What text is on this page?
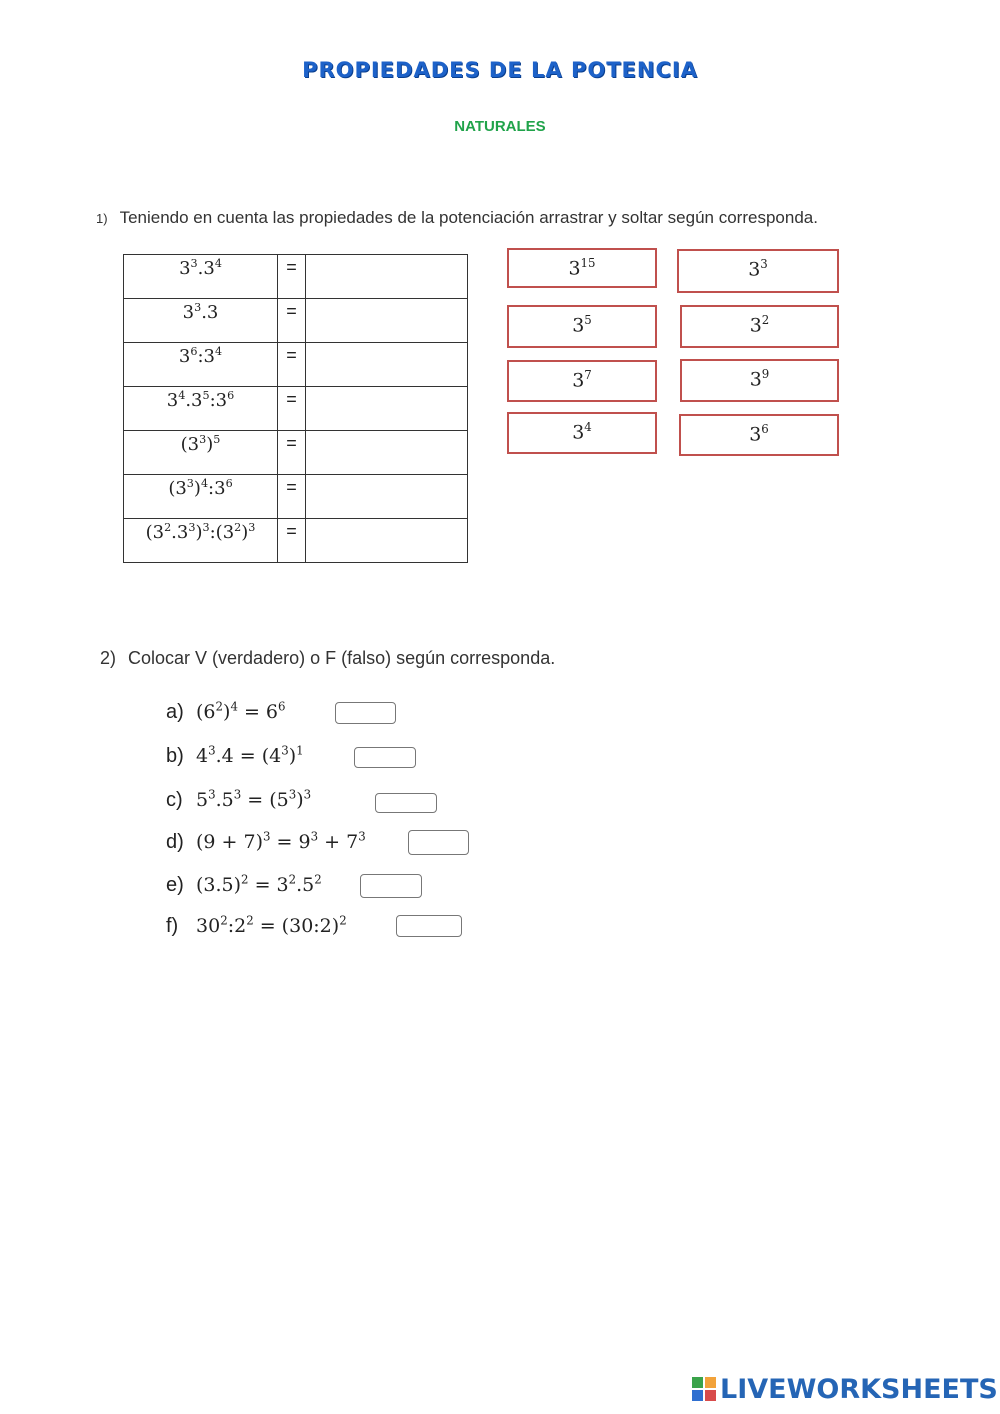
PROPIEDADES DE LA POTENCIA
NATURALES
1) Teniendo en cuenta las propiedades de la potenciación arrastrar y soltar según corresponda.
$3^3.3^4$	=	
$3^3.3$	=	
$3^6:3^4$	=	
$3^4.3^5:3^6$	=	
$(3^3)^5$	=	
$(3^3)^4:3^6$	=	
$(3^2.3^3)^3:(3^2)^3$	=	
$3^{15}$	$3^3$
$3^5$	$3^2$
$3^7$	$3^9$
$3^4$	$3^6$
2) Colocar V (verdadero) o F (falso) según corresponda.
a) $(6^2)^4 = 6^6$
b) $4^3.4 = (4^3)^1$
c) $5^3.5^3 = (5^3)^3$
d) $(9 + 7)^3 = 9^3 + 7^3$
e) $(3.5)^2 = 3^2.5^2$
f) $30^2:2^2$ = (30:2)$^2$
LIVEWORKSHEETS
